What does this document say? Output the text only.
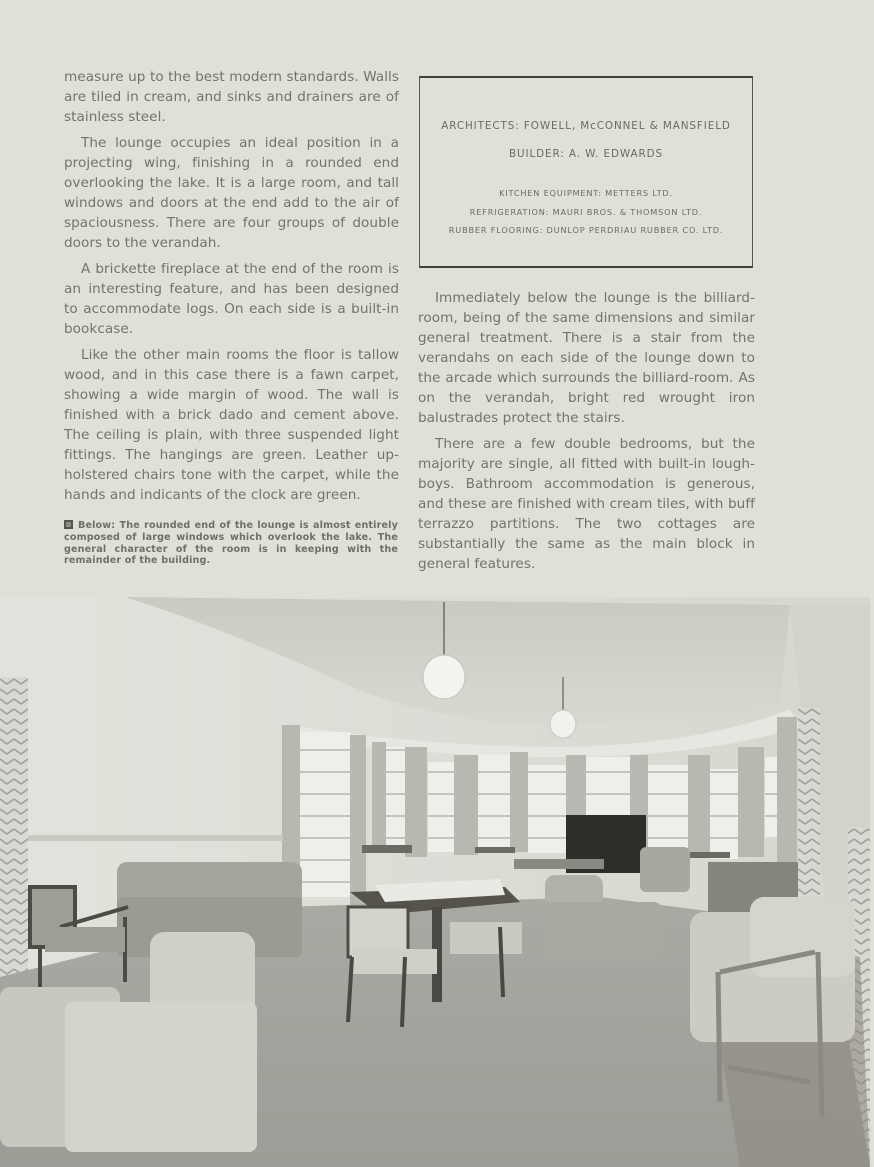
measure up to the best modern standards. Walls are tiled in cream, and sinks and drainers are of stainless steel.

The lounge occupies an ideal position in a projecting wing, finishing in a rounded end overlooking the lake. It is a large room, and tall windows and doors at the end add to the air of spaciousness. There are four groups of double doors to the verandah.

A brickette fireplace at the end of the room is an interesting feature, and has been designed to accommodate logs. On each side is a built-in bookcase.

Like the other main rooms the floor is tallow wood, and in this case there is a fawn carpet, showing a wide margin of wood. The wall is finished with a brick dado and cement above. The ceiling is plain, with three suspended light fittings. The hangings are green. Leather up-holstered chairs tone with the carpet, while the hands and indicants of the clock are green.

Below: The rounded end of the lounge is almost entirely composed of large windows which overlook the lake. The general character of the room is in keeping with the remainder of the building.
ARCHITECTS: FOWELL, McCONNEL & MANSFIELD
BUILDER: A. W. EDWARDS
KITCHEN EQUIPMENT: METTERS LTD.
REFRIGERATION: MAURI BROS. & THOMSON LTD.
RUBBER FLOORING: DUNLOP PERDRIAU RUBBER CO. LTD.

Immediately below the lounge is the billiard-room, being of the same dimensions and similar general treatment. There is a stair from the verandahs on each side of the lounge down to the arcade which surrounds the billiard-room. As on the verandah, bright red wrought iron balustrades protect the stairs.

There are a few double bedrooms, but the majority are single, all fitted with built-in lough-boys. Bathroom accommodation is generous, and these are finished with cream tiles, with buff terrazzo partitions. The two cottages are substantially the same as the main block in general features.
